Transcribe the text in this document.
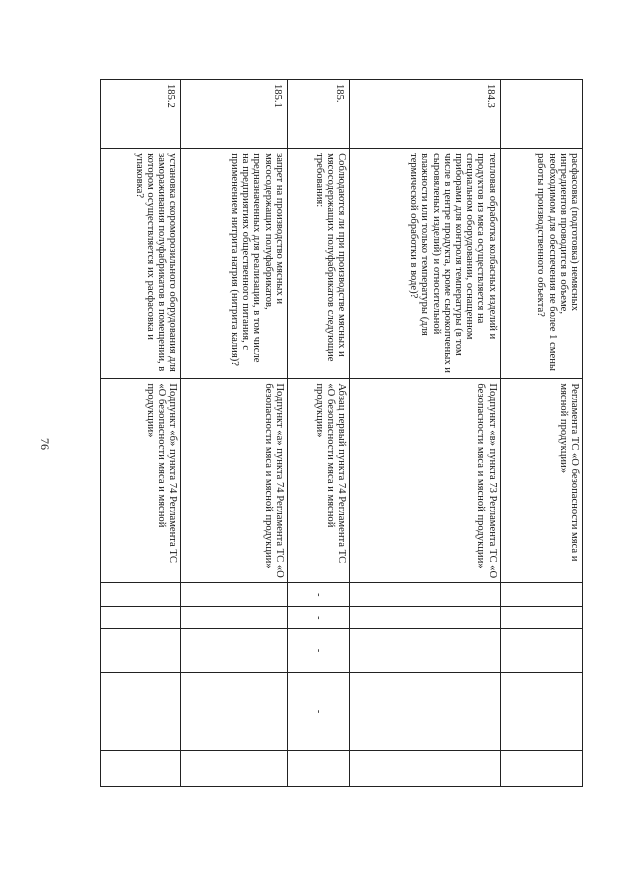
76
	расфасовка (подготовка) немясных ингредиентов проводится в объеме, необходимом для обеспечения не более 1 смены работы производственного объекта?	Регламента ТС «О безопасности мяса и мясной продукции»					
184.3	тепловая обработка колбасных изделий и продуктов из мяса осуществляется на специальном оборудовании, оснащенном приборами для контроля температуры (в том числе в центре продукта, кроме сырокопченых и сыровяленых изделий) и относительной влажности или только температуры (для термической обработки в воде)?	Подпункт «в» пункта 73 Регламента ТС «О безопасности мяса и мясной продукции»					
185.	Соблюдаются ли при производстве мясных и мясосодержащих полуфабрикатов следующие требования:	Абзац первый пункта 74 Регламента ТС «О безопасности мяса и мясной продукции»	-	-	-	-	
185.1	запрет на производство мясных и мясосодержащих полуфабрикатов, предназначенных для реализации, в том числе на предприятиях общественного питания, с применением нитрита натрия (нитрита калия)?	Подпункт «а» пункта 74 Регламента ТС «О безопасности мяса и мясной продукции»					
185.2	установка скороморозильного оборудования для замораживания полуфабрикатов в помещении, в котором осуществляется их расфасовка и упаковка?	Подпункт «б» пункта 74 Регламента ТС «О безопасности мяса и мясной продукции»					
